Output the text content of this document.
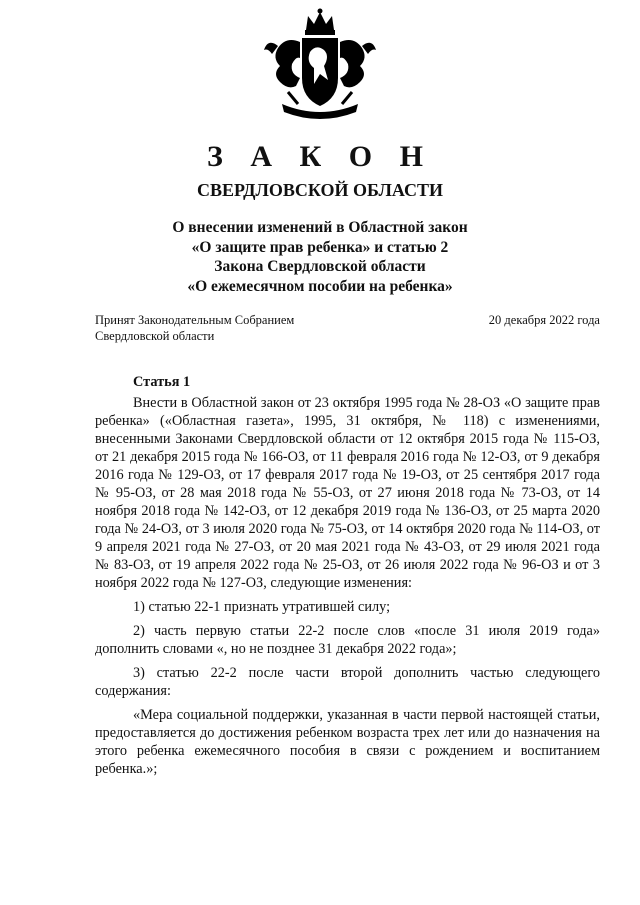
З А К О Н
СВЕРДЛОВСКОЙ ОБЛАСТИ
О внесении изменений в Областной закон
«О защите прав ребенка» и статью 2
Закона Свердловской области
«О ежемесячном пособии на ребенка»
Принят Законодательным Собранием
Свердловской области
20 декабря 2022 года
Статья 1
Внести в Областной закон от 23 октября 1995 года № 28-ОЗ «О защите прав ребенка» («Областная газета», 1995, 31 октября, № 118) с изменениями, внесенными Законами Свердловской области от 12 октября 2015 года № 115-ОЗ, от 21 декабря 2015 года № 166-ОЗ, от 11 февраля 2016 года № 12-ОЗ, от 9 декабря 2016 года № 129-ОЗ, от 17 февраля 2017 года № 19-ОЗ, от 25 сентября 2017 года № 95-ОЗ, от 28 мая 2018 года № 55-ОЗ, от 27 июня 2018 года № 73-ОЗ, от 14 ноября 2018 года № 142-ОЗ, от 12 декабря 2019 года № 136-ОЗ, от 25 марта 2020 года № 24-ОЗ, от 3 июля 2020 года № 75-ОЗ, от 14 октября 2020 года № 114-ОЗ, от 9 апреля 2021 года № 27-ОЗ, от 20 мая 2021 года № 43-ОЗ, от 29 июля 2021 года № 83-ОЗ, от 19 апреля 2022 года № 25-ОЗ, от 26 июля 2022 года № 96-ОЗ и от 3 ноября 2022 года № 127-ОЗ, следующие изменения:
1) статью 22-1 признать утратившей силу;
2) часть первую статьи 22-2 после слов «после 31 июля 2019 года» дополнить словами «, но не позднее 31 декабря 2022 года»;
3) статью 22-2 после части второй дополнить частью следующего содержания:
«Мера социальной поддержки, указанная в части первой настоящей статьи, предоставляется до достижения ребенком возраста трех лет или до назначения на этого ребенка ежемесячного пособия в связи с рождением и воспитанием ребенка.»;
